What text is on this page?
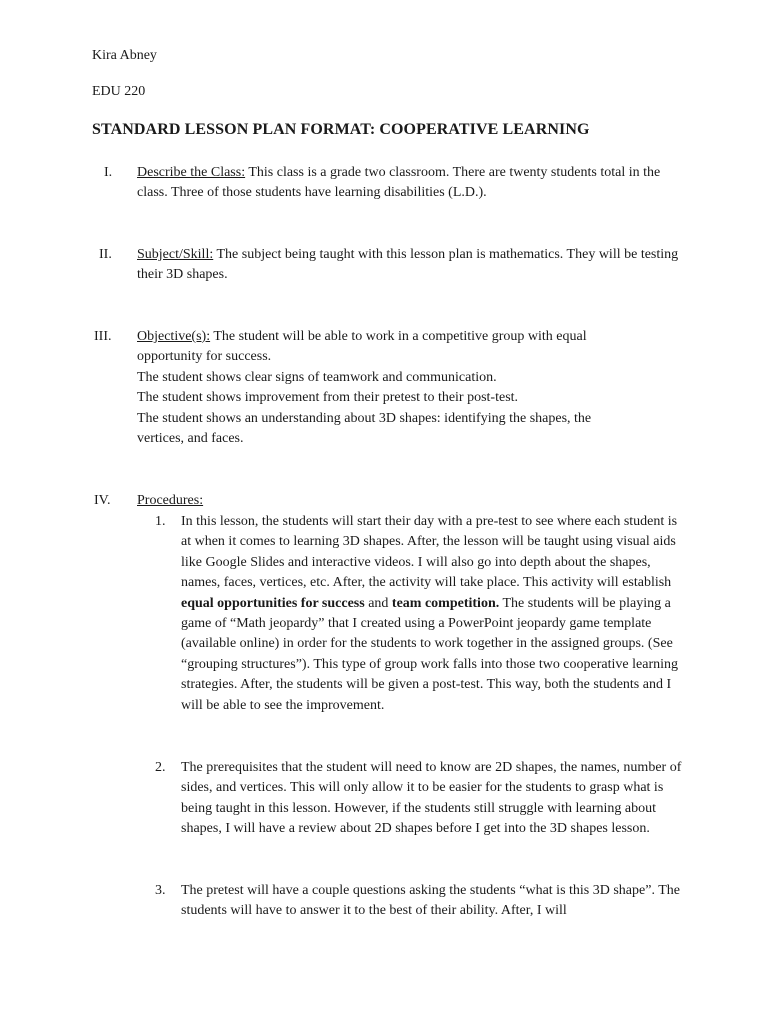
Kira Abney
EDU 220
STANDARD LESSON PLAN FORMAT: COOPERATIVE LEARNING
I. Describe the Class: This class is a grade two classroom. There are twenty students total in the class. Three of those students have learning disabilities (L.D.).
II. Subject/Skill: The subject being taught with this lesson plan is mathematics. They will be testing their 3D shapes.
III. Objective(s): The student will be able to work in a competitive group with equal opportunity for success.
The student shows clear signs of teamwork and communication.
The student shows improvement from their pretest to their post-test.
The student shows an understanding about 3D shapes: identifying the shapes, the vertices, and faces.
IV. Procedures:
1. In this lesson, the students will start their day with a pre-test to see where each student is at when it comes to learning 3D shapes. After, the lesson will be taught using visual aids like Google Slides and interactive videos. I will also go into depth about the shapes, names, faces, vertices, etc. After, the activity will take place. This activity will establish equal opportunities for success and team competition. The students will be playing a game of “Math jeopardy” that I created using a PowerPoint jeopardy game template (available online) in order for the students to work together in the assigned groups. (See “grouping structures”). This type of group work falls into those two cooperative learning strategies. After, the students will be given a post-test. This way, both the students and I will be able to see the improvement.
2. The prerequisites that the student will need to know are 2D shapes, the names, number of sides, and vertices. This will only allow it to be easier for the students to grasp what is being taught in this lesson. However, if the students still struggle with learning about shapes, I will have a review about 2D shapes before I get into the 3D shapes lesson.
3. The pretest will have a couple questions asking the students “what is this 3D shape”. The students will have to answer it to the best of their ability. After, I will
